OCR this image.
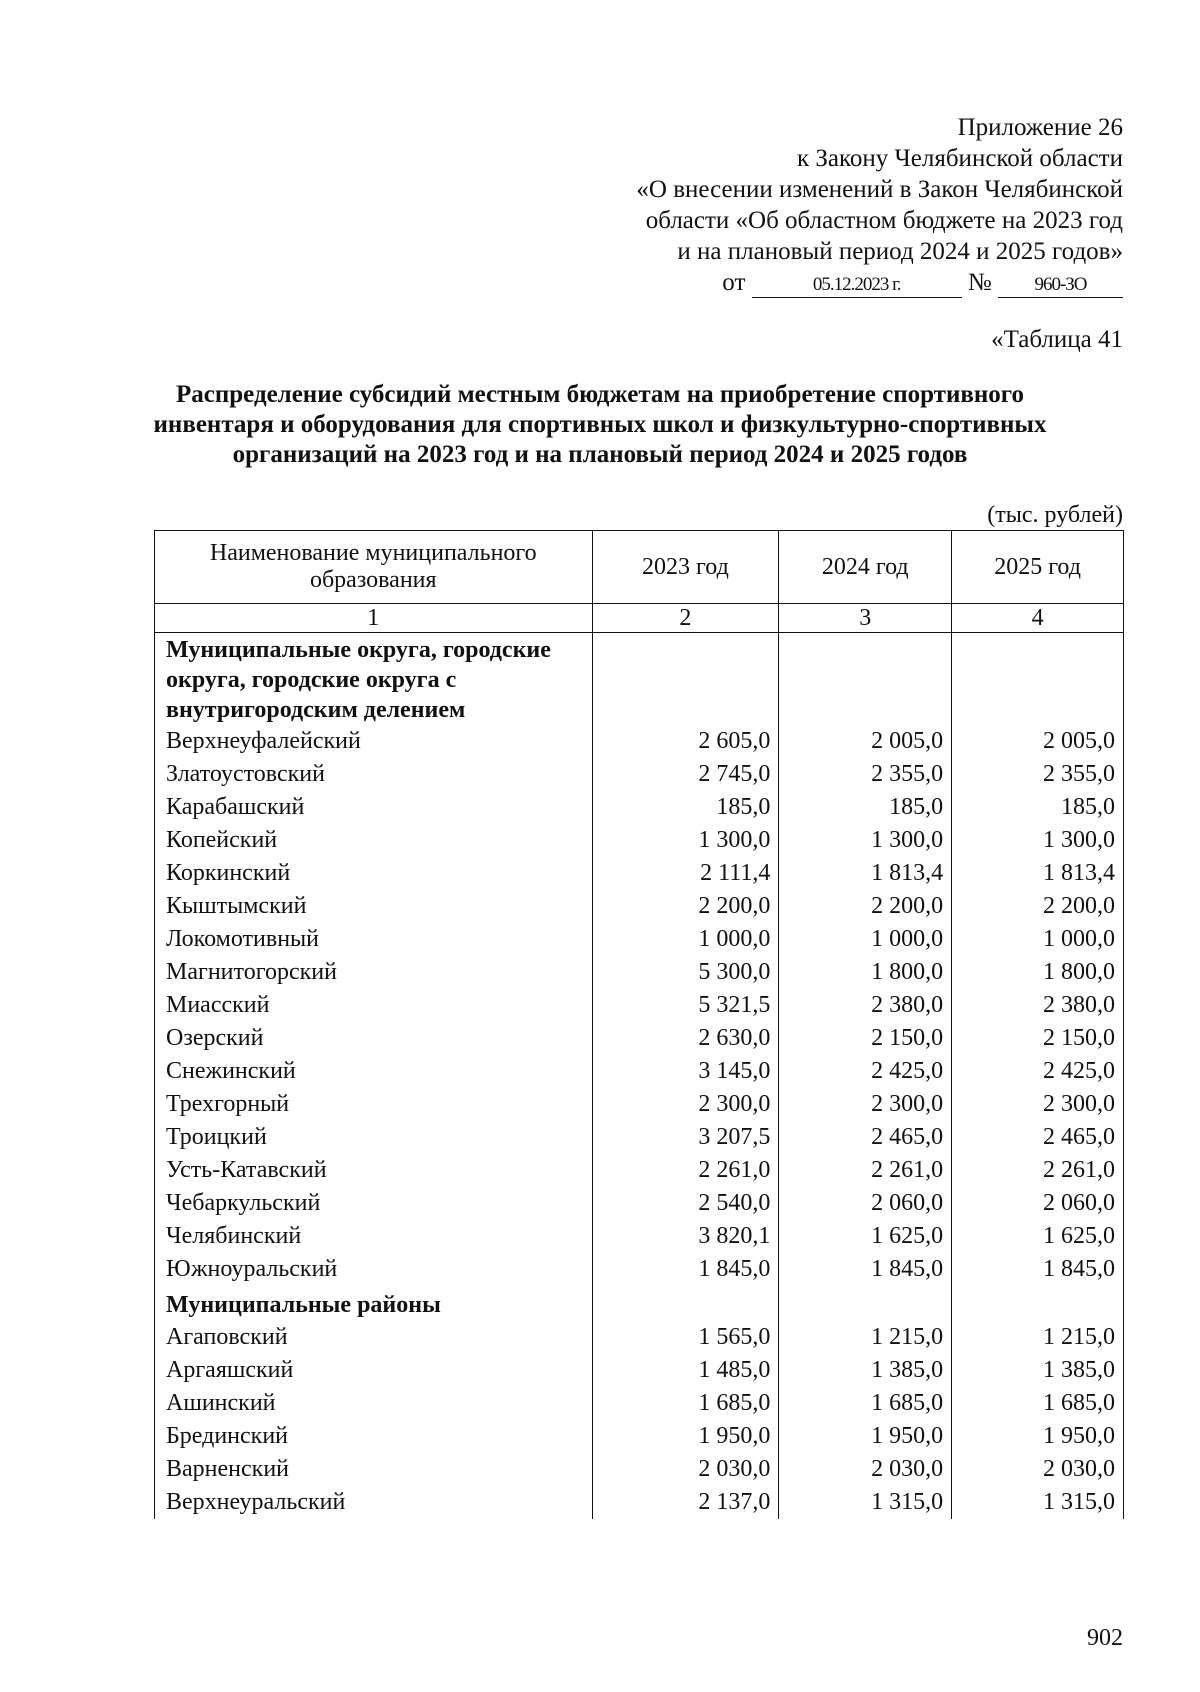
Приложение 26
к Закону Челябинской области
«О внесении изменений в Закон Челябинской
области «Об областном бюджете на 2023 год
и на плановый период 2024 и 2025 годов»
от	05.12.2023 г.	№ 960-ЗО
«Таблица 41
Распределение субсидий местным бюджетам на приобретение спортивного
инвентаря и оборудования для спортивных школ и физкультурно-спортивных
организаций на 2023 год и на плановый период 2024 и 2025 годов
(тыс. рублей)
Наименование муниципального образования	2023 год	2024 год	2025 год
1	2	3	4
Муниципальные округа, городские округа, городские округа с внутригородским делением			
Верхнеуфалейский	2 605,0	2 005,0	2 005,0
Златоустовский	2 745,0	2 355,0	2 355,0
Карабашский	185,0	185,0	185,0
Копейский	1 300,0	1 300,0	1 300,0
Коркинский	2 111,4	1 813,4	1 813,4
Кыштымский	2 200,0	2 200,0	2 200,0
Локомотивный	1 000,0	1 000,0	1 000,0
Магнитогорский	5 300,0	1 800,0	1 800,0
Миасский	5 321,5	2 380,0	2 380,0
Озерский	2 630,0	2 150,0	2 150,0
Снежинский	3 145,0	2 425,0	2 425,0
Трехгорный	2 300,0	2 300,0	2 300,0
Троицкий	3 207,5	2 465,0	2 465,0
Усть-Катавский	2 261,0	2 261,0	2 261,0
Чебаркульский	2 540,0	2 060,0	2 060,0
Челябинский	3 820,1	1 625,0	1 625,0
Южноуральский	1 845,0	1 845,0	1 845,0
Муниципальные районы			
Агаповский	1 565,0	1 215,0	1 215,0
Аргаяшский	1 485,0	1 385,0	1 385,0
Ашинский	1 685,0	1 685,0	1 685,0
Брединский	1 950,0	1 950,0	1 950,0
Варненский	2 030,0	2 030,0	2 030,0
Верхнеуральский	2 137,0	1 315,0	1 315,0
902
